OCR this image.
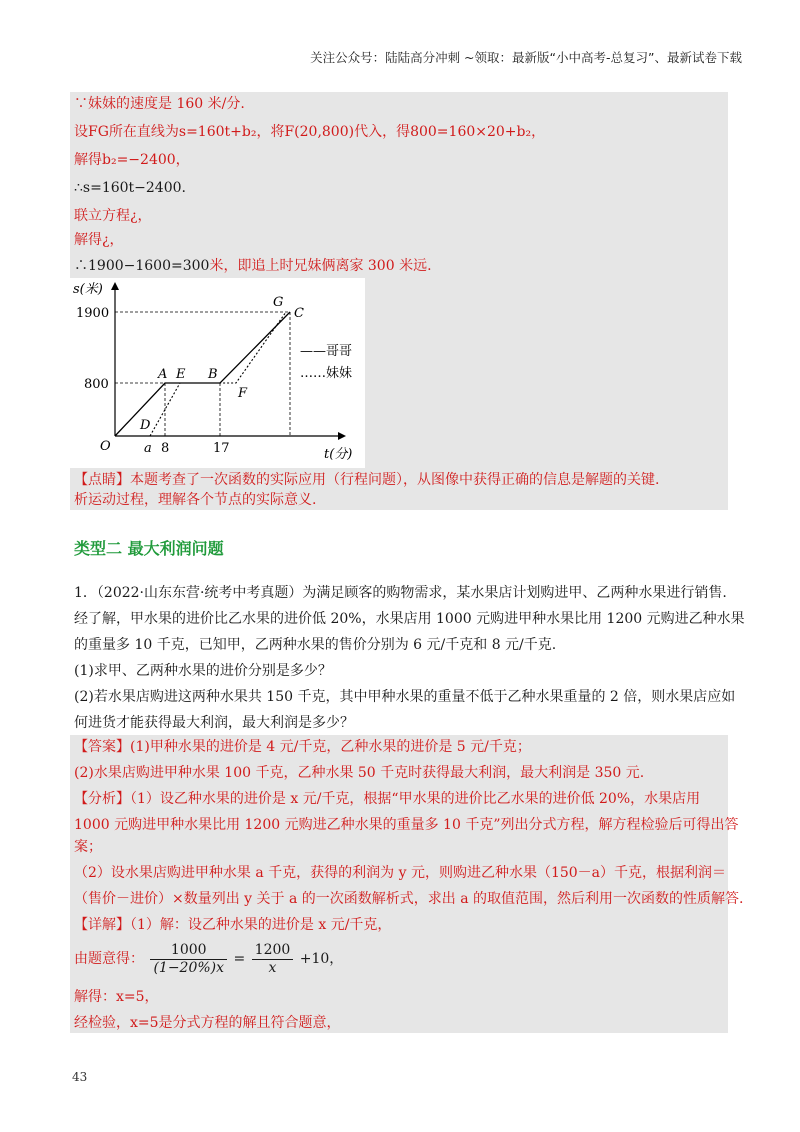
关注公众号：陆陆高分冲刺 ~领取：最新版“小中高考-总复习”、最新试卷下载
∵妹妹的速度是 160 米/分.
设FG所在直线为s=160t+b₂，将F(20,800)代入，得800=160×20+b₂，
解得b₂=−2400，
∴s=160t−2400.
联立方程¿，
解得¿，
∴1900−1600=300米，即追上时兄妹俩离家 300 米远.
——哥哥
……妹妹
s(米)
t(分)
1900
800
O	a 8	17
A E B
D
F
G
C
【点睛】本题考查了一次函数的实际应用（行程问题），从图像中获得正确的信息是解题的关键.
析运动过程，理解各个节点的实际意义.
类型二 最大利润问题
1．（2022·山东东营·统考中考真题）为满足顾客的购物需求，某水果店计划购进甲、乙两种水果进行销售.
经了解，甲水果的进价比乙水果的进价低 20%，水果店用 1000 元购进甲种水果比用 1200 元购进乙种水果
的重量多 10 千克，已知甲，乙两种水果的售价分别为 6 元/千克和 8 元/千克.
(1)求甲、乙两种水果的进价分别是多少？
(2)若水果店购进这两种水果共 150 千克，其中甲种水果的重量不低于乙种水果重量的 2 倍，则水果店应如
何进货才能获得最大利润，最大利润是多少？
【答案】(1)甲种水果的进价是 4 元/千克，乙种水果的进价是 5 元/千克；
(2)水果店购进甲种水果 100 千克，乙种水果 50 千克时获得最大利润，最大利润是 350 元.
【分析】（1）设乙种水果的进价是 x 元/千克，根据“甲水果的进价比乙水果的进价低 20%，水果店用
1000 元购进甲种水果比用 1200 元购进乙种水果的重量多 10 千克”列出分式方程，解方程检验后可得出答
案；
（2）设水果店购进甲种水果 a 千克，获得的利润为 y 元，则购进乙种水果（150－a）千克，根据利润＝
（售价－进价）×数量列出 y 关于 a 的一次函数解析式，求出 a 的取值范围，然后利用一次函数的性质解答.
【详解】（1）解：设乙种水果的进价是 x 元/千克，
由题意得： $\frac{1000}{(1-20\%)x} = \frac{1200}{x} +10$，
解得：x=5，
经检验，x=5是分式方程的解且符合题意，
43
